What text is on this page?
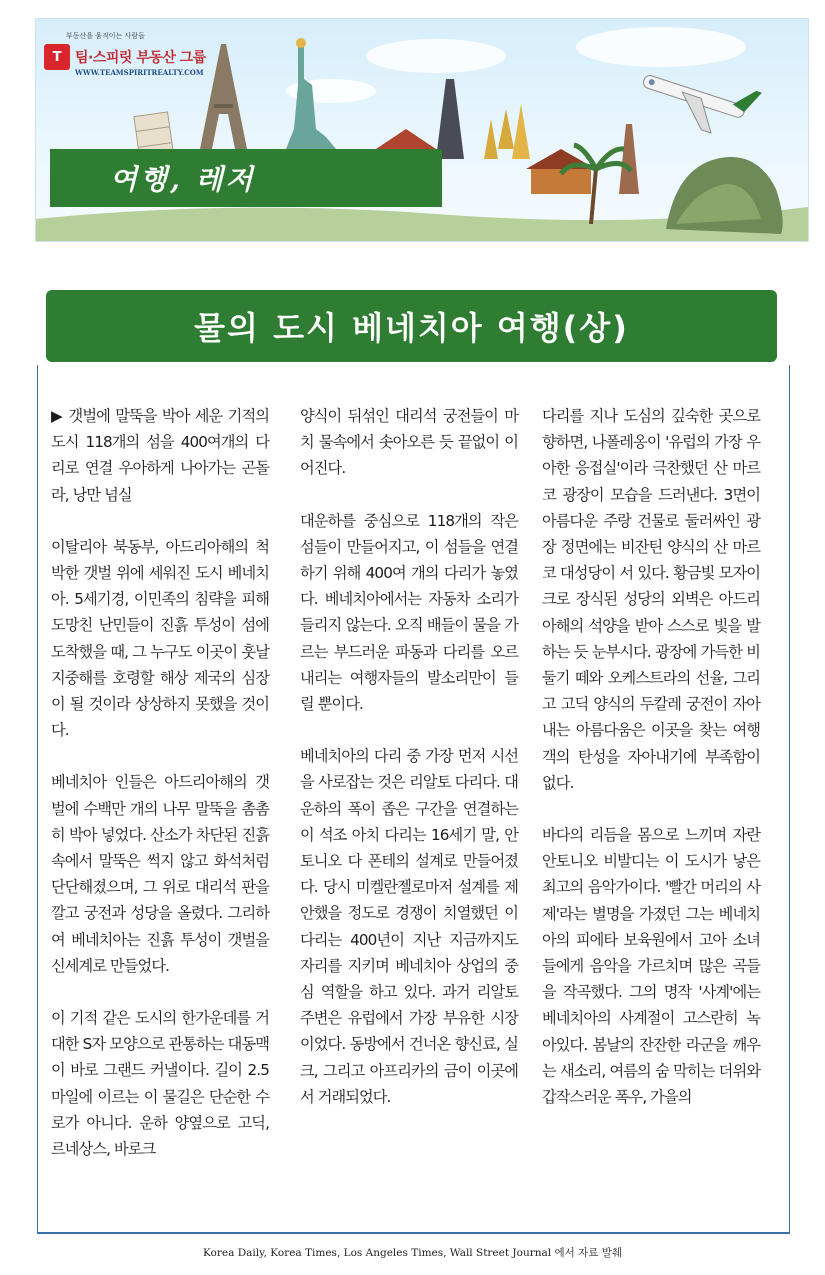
부동산을 움직이는 사람들
T 팀·스피릿 부동산 그룹
WWW.TEAMSPIRITREALTY.COM
여행, 레저
물의 도시 베네치아 여행(상)

▶ 갯벌에 말뚝을 박아 세운 기적의 도시 118개의 섬을 400여개의 다리로 연결 우아하게 나아가는 곤돌라, 낭만 넘실

이탈리아 북동부, 아드리아해의 척박한 갯벌 위에 세워진 도시 베네치아. 5세기경, 이민족의 침략을 피해 도망친 난민들이 진흙 투성이 섬에 도착했을 때, 그 누구도 이곳이 훗날 지중해를 호령할 해상 제국의 심장이 될 것이라 상상하지 못했을 것이다.

베네치아 인들은 아드리아해의 갯벌에 수백만 개의 나무 말뚝을 촘촘히 박아 넣었다. 산소가 차단된 진흙 속에서 말뚝은 썩지 않고 화석처럼 단단해졌으며, 그 위로 대리석 판을 깔고 궁전과 성당을 올렸다. 그리하여 베네치아는 진흙 투성이 갯벌을 신세계로 만들었다.

이 기적 같은 도시의 한가운데를 거대한 S자 모양으로 관통하는 대동맥이 바로 그랜드 커낼이다. 길이 2.5마일에 이르는 이 물길은 단순한 수로가 아니다. 운하 양옆으로 고딕, 르네상스, 바로크

양식이 뒤섞인 대리석 궁전들이 마치 물속에서 솟아오른 듯 끝없이 이어진다.

대운하를 중심으로 118개의 작은 섬들이 만들어지고, 이 섬들을 연결하기 위해 400여 개의 다리가 놓였다. 베네치아에서는 자동차 소리가 들리지 않는다. 오직 배들이 물을 가르는 부드러운 파동과 다리를 오르내리는 여행자들의 발소리만이 들릴 뿐이다.

베네치아의 다리 중 가장 먼저 시선을 사로잡는 것은 리알토 다리다. 대운하의 폭이 좁은 구간을 연결하는 이 석조 아치 다리는 16세기 말, 안토니오 다 폰테의 설계로 만들어졌다. 당시 미켈란젤로마저 설계를 제안했을 정도로 경쟁이 치열했던 이 다리는 400년이 지난 지금까지도 자리를 지키며 베네치아 상업의 중심 역할을 하고 있다. 과거 리알토 주변은 유럽에서 가장 부유한 시장이었다. 동방에서 건너온 향신료, 실크, 그리고 아프리카의 금이 이곳에서 거래되었다.

다리를 지나 도심의 깊숙한 곳으로 향하면, 나폴레옹이 '유럽의 가장 우아한 응접실'이라 극찬했던 산 마르코 광장이 모습을 드러낸다. 3면이 아름다운 주랑 건물로 둘러싸인 광장 정면에는 비잔틴 양식의 산 마르코 대성당이 서 있다. 황금빛 모자이크로 장식된 성당의 외벽은 아드리아해의 석양을 받아 스스로 빛을 발하는 듯 눈부시다. 광장에 가득한 비둘기 떼와 오케스트라의 선율, 그리고 고딕 양식의 두칼레 궁전이 자아내는 아름다움은 이곳을 찾는 여행객의 탄성을 자아내기에 부족함이 없다.

바다의 리듬을 몸으로 느끼며 자란 안토니오 비발디는 이 도시가 낳은 최고의 음악가이다. '빨간 머리의 사제'라는 별명을 가졌던 그는 베네치아의 피에타 보육원에서 고아 소녀들에게 음악을 가르치며 많은 곡들을 작곡했다. 그의 명작 '사계'에는 베네치아의 사계절이 고스란히 녹아있다. 봄날의 잔잔한 라군을 깨우는 새소리, 여름의 숨 막히는 더위와 갑작스러운 폭우, 가을의

Korea Daily, Korea Times, Los Angeles Times, Wall Street Journal 에서 자료 발췌
